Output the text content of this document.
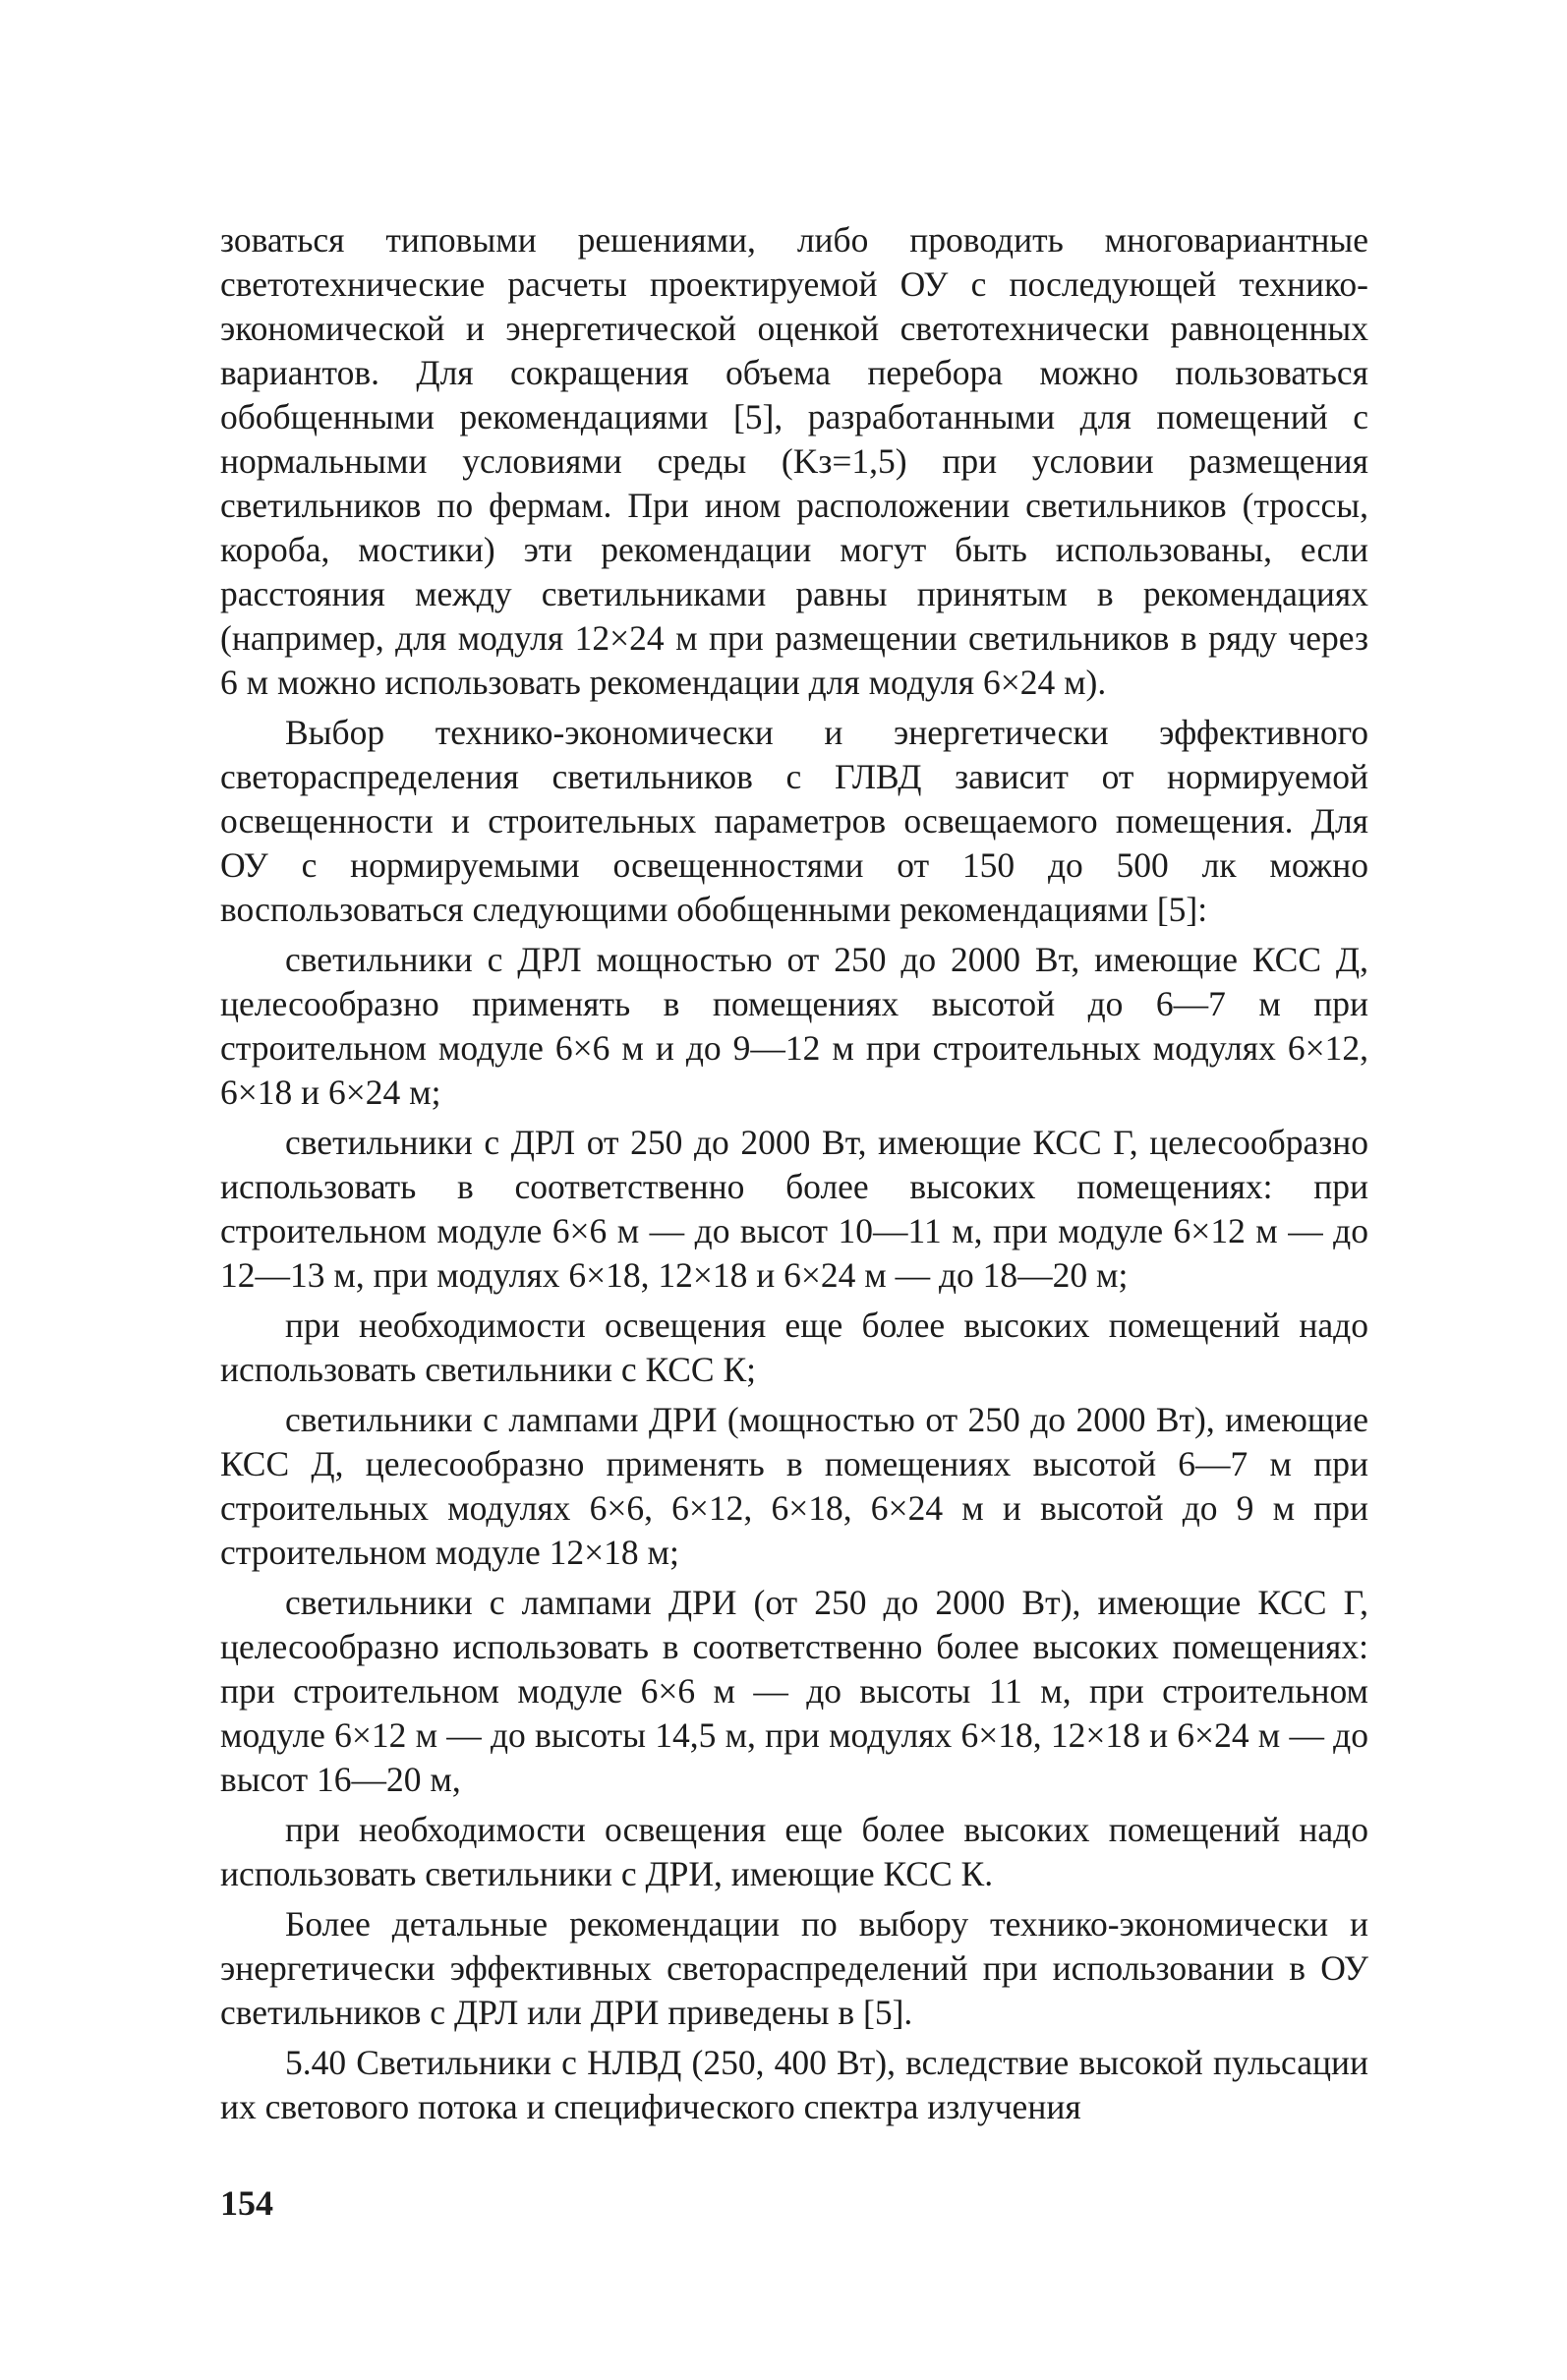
зоваться типовыми решениями, либо проводить многовариантные светотехнические расчеты проектируемой ОУ с последующей технико-экономической и энергетической оценкой светотехнически равноценных вариантов. Для сокращения объема перебора можно пользоваться обобщенными рекомендациями [5], разработанными для помещений с нормальными условиями среды (Kз=1,5) при условии размещения светильников по фермам. При ином расположении светильников (троссы, короба, мостики) эти рекомендации могут быть использованы, если расстояния между светильниками равны принятым в рекомендациях (например, для модуля 12×24 м при размещении светильников в ряду через 6 м можно использовать рекомендации для модуля 6×24 м).

Выбор технико-экономически и энергетически эффективного светораспределения светильников с ГЛВД зависит от нормируемой освещенности и строительных параметров освещаемого помещения. Для ОУ с нормируемыми освещенностями от 150 до 500 лк можно воспользоваться следующими обобщенными рекомендациями [5]:

светильники с ДРЛ мощностью от 250 до 2000 Вт, имеющие КСС Д, целесообразно применять в помещениях высотой до 6—7 м при строительном модуле 6×6 м и до 9—12 м при строительных модулях 6×12, 6×18 и 6×24 м;

светильники с ДРЛ от 250 до 2000 Вт, имеющие КСС Г, целесообразно использовать в соответственно более высоких помещениях: при строительном модуле 6×6 м — до высот 10—11 м, при модуле 6×12 м — до 12—13 м, при модулях 6×18, 12×18 и 6×24 м — до 18—20 м;

при необходимости освещения еще более высоких помещений надо использовать светильники с КСС К;

светильники с лампами ДРИ (мощностью от 250 до 2000 Вт), имеющие КСС Д, целесообразно применять в помещениях высотой 6—7 м при строительных модулях 6×6, 6×12, 6×18, 6×24 м и высотой до 9 м при строительном модуле 12×18 м;

светильники с лампами ДРИ (от 250 до 2000 Вт), имеющие КСС Г, целесообразно использовать в соответственно более высоких помещениях: при строительном модуле 6×6 м — до высоты 11 м, при строительном модуле 6×12 м — до высоты 14,5 м, при модулях 6×18, 12×18 и 6×24 м — до высот 16—20 м,

при необходимости освещения еще более высоких помещений надо использовать светильники с ДРИ, имеющие КСС К.

Более детальные рекомендации по выбору технико-экономически и энергетически эффективных светораспределений при использовании в ОУ светильников с ДРЛ или ДРИ приведены в [5].

5.40 Светильники с НЛВД (250, 400 Вт), вследствие высокой пульсации их светового потока и специфического спектра излучения

154
